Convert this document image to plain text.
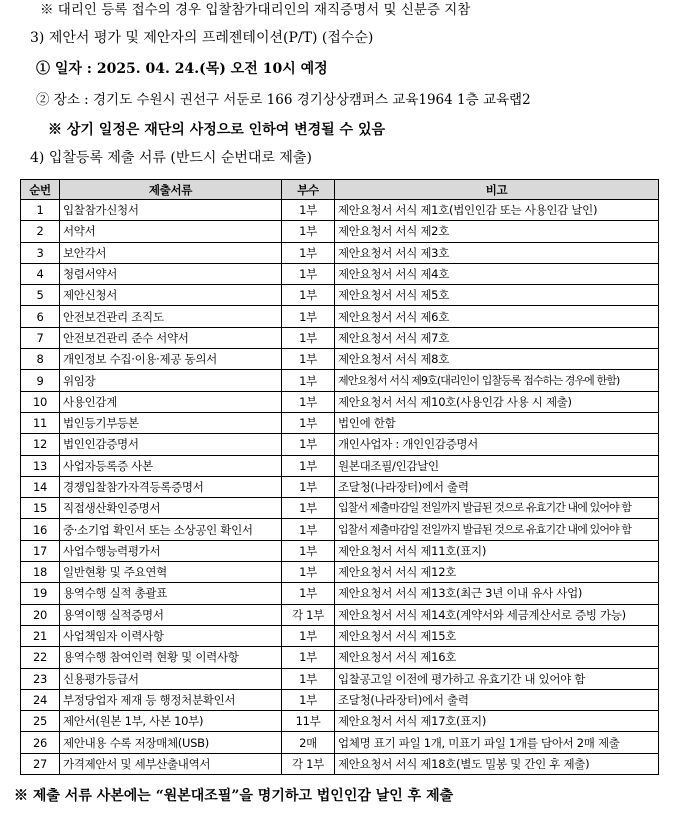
※ 대리인 등록 접수의 경우 입찰참가대리인의 재직증명서 및 신분증 지참
3) 제안서 평가 및 제안자의 프레젠테이션(P/T) (접수순)
① 일자 : 2025. 04. 24.(목) 오전 10시 예정
② 장소 : 경기도 수원시 권선구 서둔로 166 경기상상캠퍼스 교육1964 1층 교육랩2
※ 상기 일정은 재단의 사정으로 인하여 변경될 수 있음
4) 입찰등록 제출 서류 (반드시 순번대로 제출)
순번	제출서류	부수	비고
1	입찰참가신청서	1부	제안요청서 서식 제1호(법인인감 또는 사용인감 날인)
2	서약서	1부	제안요청서 서식 제2호
3	보안각서	1부	제안요청서 서식 제3호
4	청렴서약서	1부	제안요청서 서식 제4호
5	제안신청서	1부	제안요청서 서식 제5호
6	안전보건관리 조직도	1부	제안요청서 서식 제6호
7	안전보건관리 준수 서약서	1부	제안요청서 서식 제7호
8	개인정보 수집·이용·제공 동의서	1부	제안요청서 서식 제8호
9	위임장	1부	제안요청서 서식 제9호(대리인이 입찰등록 접수하는 경우에 한함)
10	사용인감계	1부	제안요청서 서식 제10호(사용인감 사용 시 제출)
11	법인등기부등본	1부	법인에 한함
12	법인인감증명서	1부	개인사업자 : 개인인감증명서
13	사업자등록증 사본	1부	원본대조필/인감날인
14	경쟁입찰참가자격등록증명서	1부	조달청(나라장터)에서 출력
15	직접생산확인증명서	1부	입찰서 제출마감일 전일까지 발급된 것으로 유효기간 내에 있어야 함
16	중·소기업 확인서 또는 소상공인 확인서	1부	입찰서 제출마감일 전일까지 발급된 것으로 유효기간 내에 있어야 함
17	사업수행능력평가서	1부	제안요청서 서식 제11호(표지)
18	일반현황 및 주요연혁	1부	제안요청서 서식 제12호
19	용역수행 실적 총괄표	1부	제안요청서 서식 제13호(최근 3년 이내 유사 사업)
20	용역이행 실적증명서	각 1부	제안요청서 서식 제14호(계약서와 세금계산서로 증빙 가능)
21	사업책임자 이력사항	1부	제안요청서 서식 제15호
22	용역수행 참여인력 현황 및 이력사항	1부	제안요청서 서식 제16호
23	신용평가등급서	1부	입찰공고일 이전에 평가하고 유효기간 내 있어야 함
24	부정당업자 제재 등 행정처분확인서	1부	조달청(나라장터)에서 출력
25	제안서(원본 1부, 사본 10부)	11부	제안요청서 서식 제17호(표지)
26	제안내용 수록 저장매체(USB)	2매	업체명 표기 파일 1개, 미표기 파일 1개를 담아서 2매 제출
27	가격제안서 및 세부산출내역서	각 1부	제안요청서 서식 제18호(별도 밀봉 및 간인 후 제출)
※ 제출 서류 사본에는 “원본대조필”을 명기하고 법인인감 날인 후 제출
